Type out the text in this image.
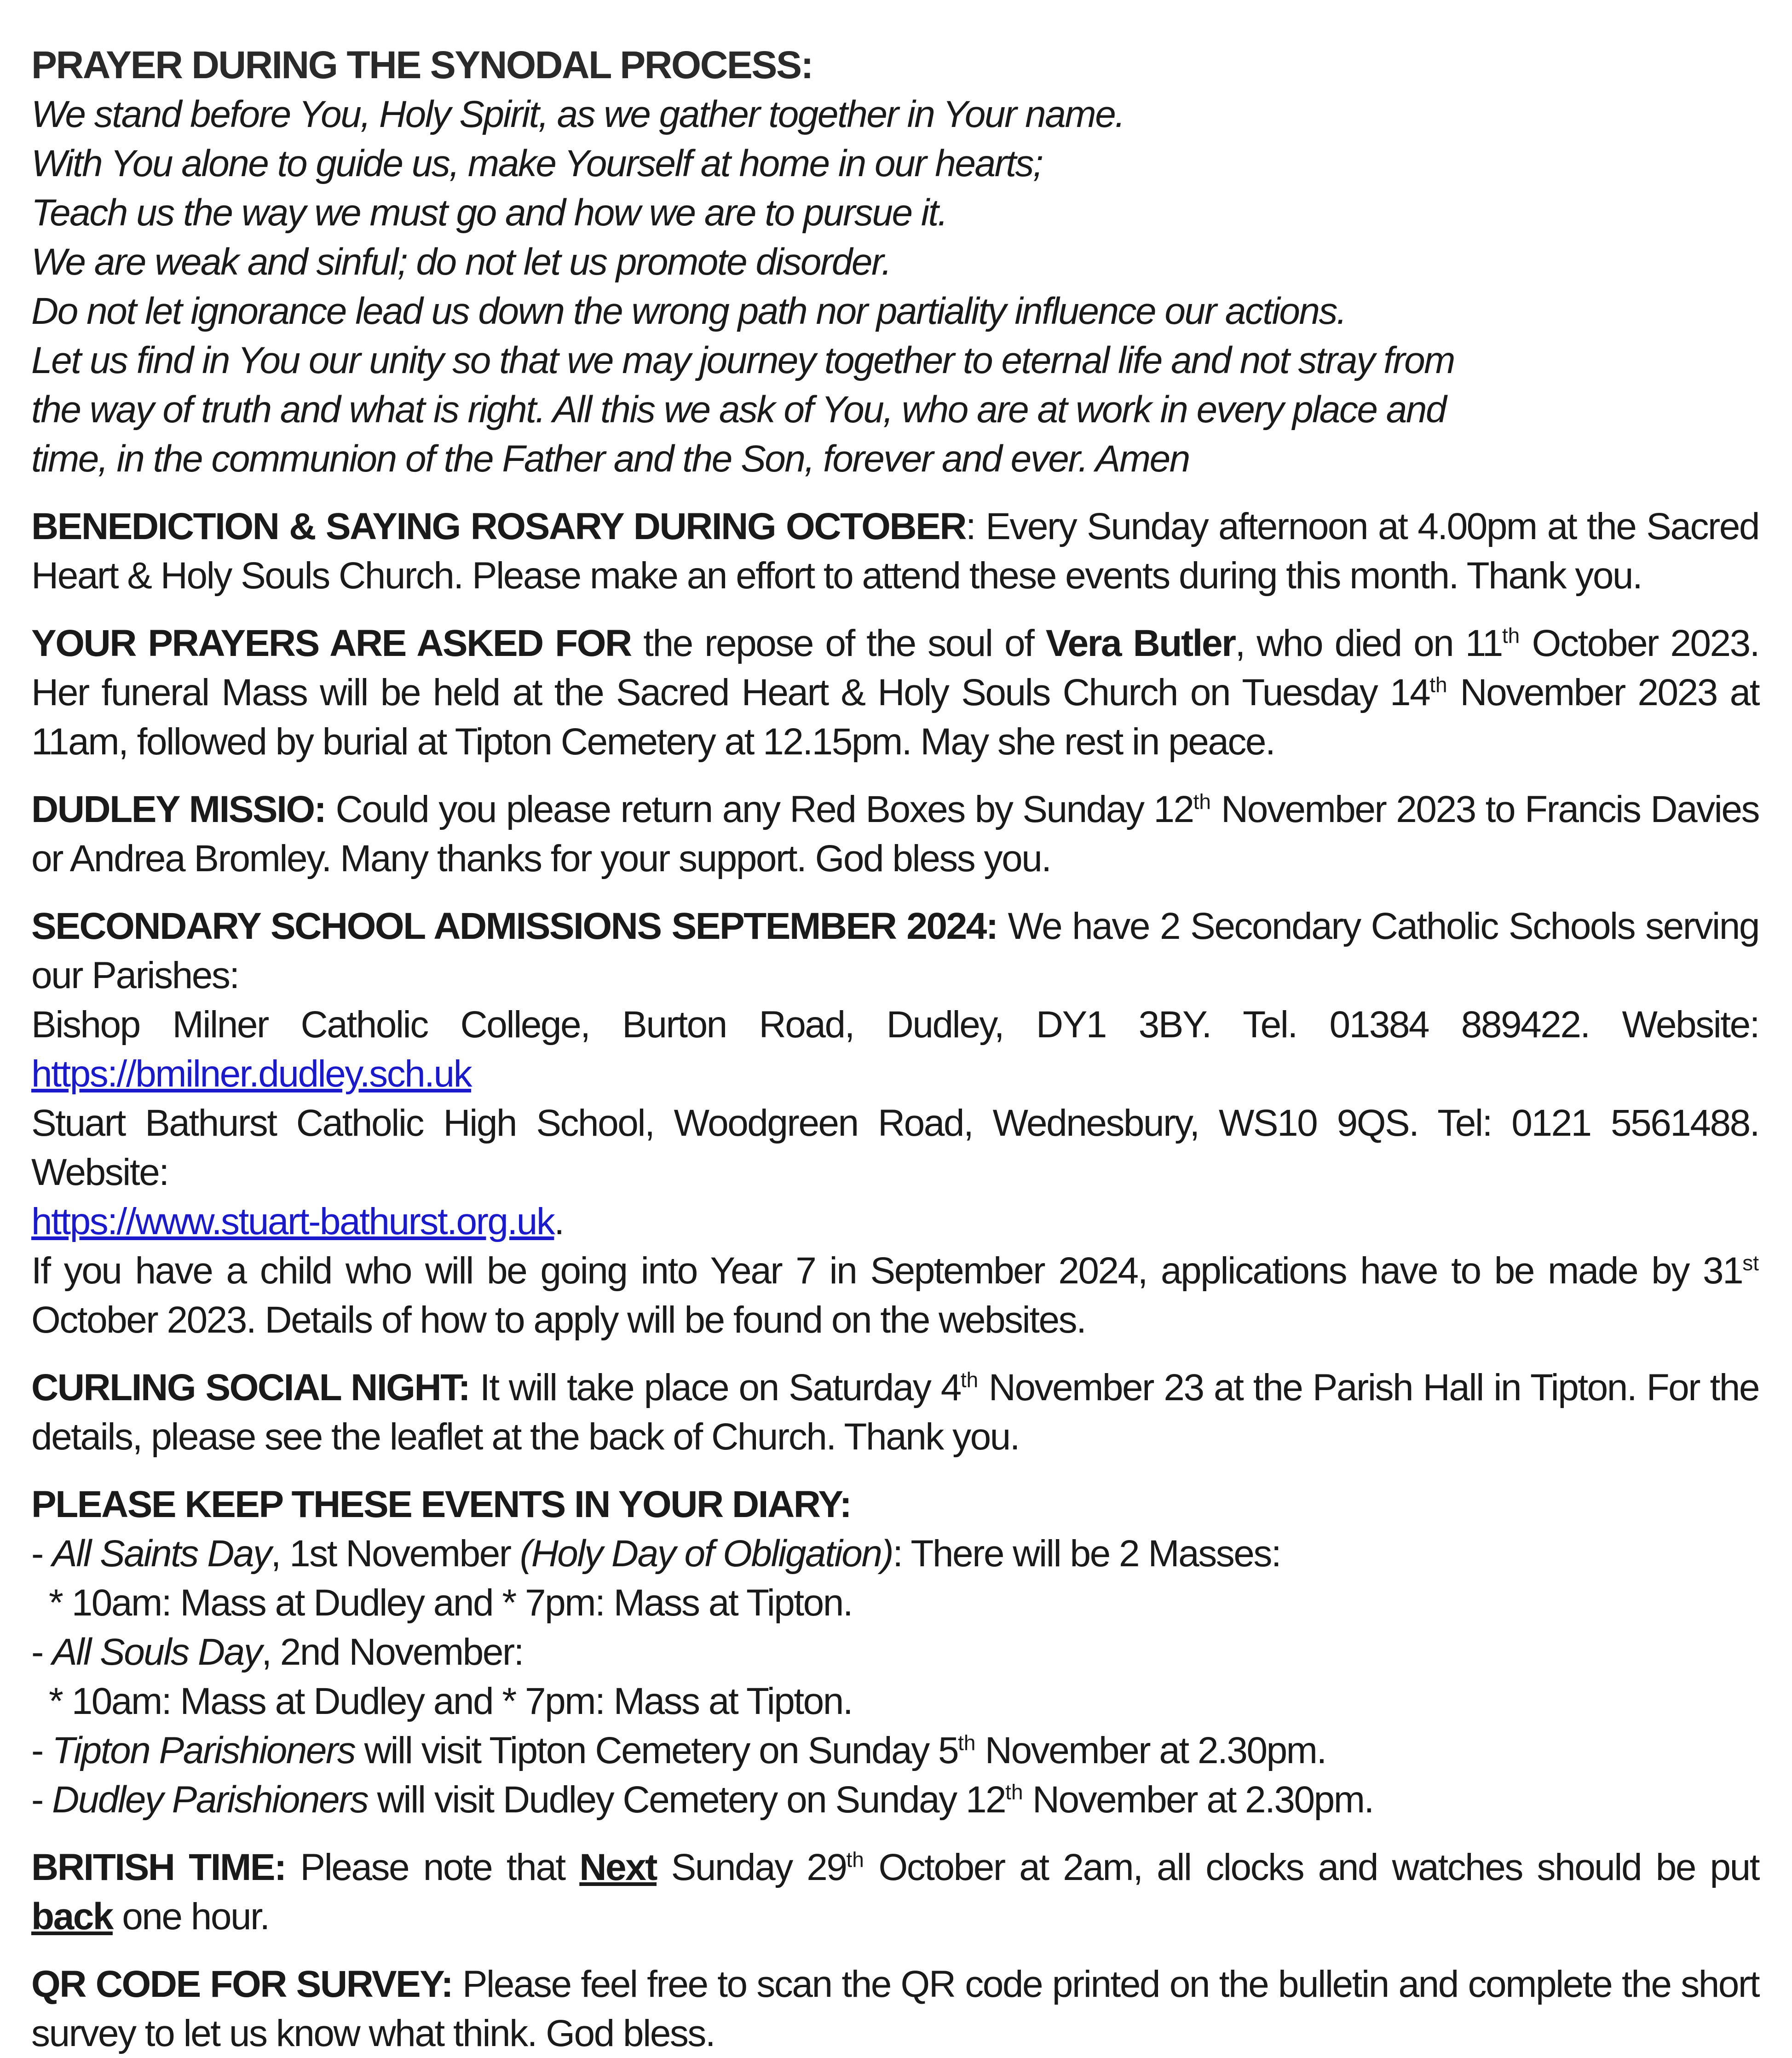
PRAYER DURING THE SYNODAL PROCESS:
We stand before You, Holy Spirit, as we gather together in Your name.
With You alone to guide us, make Yourself at home in our hearts;
Teach us the way we must go and how we are to pursue it.
We are weak and sinful; do not let us promote disorder.
Do not let ignorance lead us down the wrong path nor partiality influence our actions.
Let us find in You our unity so that we may journey together to eternal life and not stray from
the way of truth and what is right. All this we ask of You, who are at work in every place and
time, in the communion of the Father and the Son, forever and ever. Amen
BENEDICTION & SAYING ROSARY DURING OCTOBER: Every Sunday afternoon at 4.00pm at the Sacred Heart & Holy Souls Church. Please make an effort to attend these events during this month. Thank you.
YOUR PRAYERS ARE ASKED FOR the repose of the soul of Vera Butler, who died on 11th October 2023. Her funeral Mass will be held at the Sacred Heart & Holy Souls Church on Tuesday 14th November 2023 at 11am, followed by burial at Tipton Cemetery at 12.15pm. May she rest in peace.
DUDLEY MISSIO: Could you please return any Red Boxes by Sunday 12th November 2023 to Francis Davies or Andrea Bromley. Many thanks for your support. God bless you.
SECONDARY SCHOOL ADMISSIONS SEPTEMBER 2024: We have 2 Secondary Catholic Schools serving our Parishes:
Bishop Milner Catholic College, Burton Road, Dudley, DY1 3BY. Tel. 01384 889422. Website:
https://bmilner.dudley.sch.uk
Stuart Bathurst Catholic High School, Woodgreen Road, Wednesbury, WS10 9QS. Tel: 0121 5561488. Website:
https://www.stuart-bathurst.org.uk.
If you have a child who will be going into Year 7 in September 2024, applications have to be made by 31st October 2023. Details of how to apply will be found on the websites.
CURLING SOCIAL NIGHT: It will take place on Saturday 4th November 23 at the Parish Hall in Tipton. For the details, please see the leaflet at the back of Church. Thank you.
PLEASE KEEP THESE EVENTS IN YOUR DIARY:
- All Saints Day, 1st November (Holy Day of Obligation): There will be 2 Masses:
* 10am: Mass at Dudley and * 7pm: Mass at Tipton.
- All Souls Day, 2nd November:
* 10am: Mass at Dudley and * 7pm: Mass at Tipton.
- Tipton Parishioners will visit Tipton Cemetery on Sunday 5th November at 2.30pm.
- Dudley Parishioners will visit Dudley Cemetery on Sunday 12th November at 2.30pm.
BRITISH TIME: Please note that Next Sunday 29th October at 2am, all clocks and watches should be put back one hour.
QR CODE FOR SURVEY: Please feel free to scan the QR code printed on the bulletin and complete the short survey to let us know what think. God bless.
